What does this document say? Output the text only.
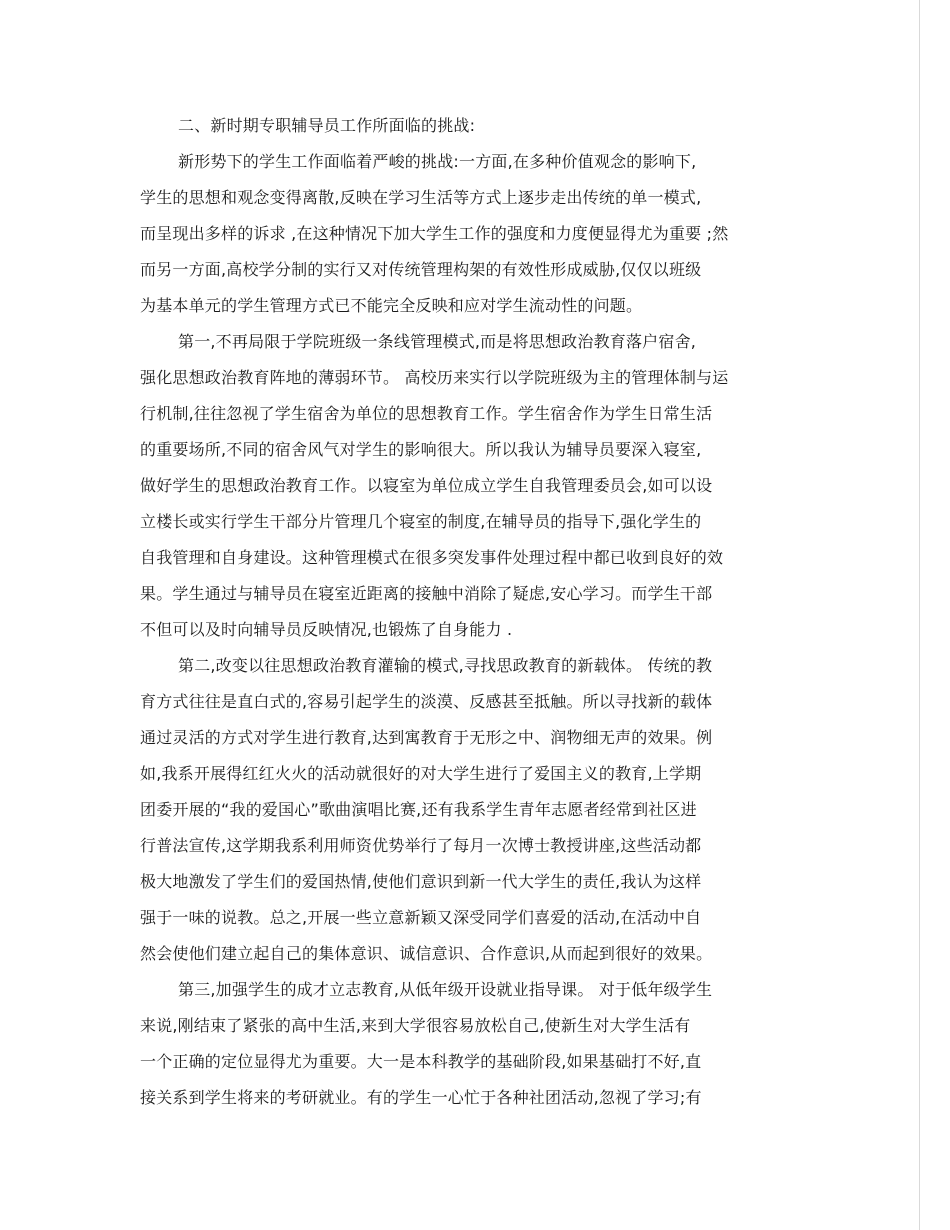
二、新时期专职辅导员工作所面临的挑战:
新形势下的学生工作面临着严峻的挑战:一方面,在多种价值观念的影响下,
学生的思想和观念变得离散,反映在学习生活等方式上逐步走出传统的单一模式,
而呈现出多样的诉求 ,在这种情况下加大学生工作的强度和力度便显得尤为重要 ;然
而另一方面,高校学分制的实行又对传统管理构架的有效性形成威胁,仅仅以班级
为基本单元的学生管理方式已不能完全反映和应对学生流动性的问题。
第一,不再局限于学院班级一条线管理模式,而是将思想政治教育落户宿舍,
强化思想政治教育阵地的薄弱环节。 高校历来实行以学院班级为主的管理体制与运
行机制,往往忽视了学生宿舍为单位的思想教育工作。学生宿舍作为学生日常生活
的重要场所,不同的宿舍风气对学生的影响很大。所以我认为辅导员要深入寝室,
做好学生的思想政治教育工作。以寝室为单位成立学生自我管理委员会,如可以设
立楼长或实行学生干部分片管理几个寝室的制度,在辅导员的指导下,强化学生的
自我管理和自身建设。这种管理模式在很多突发事件处理过程中都已收到良好的效
果。学生通过与辅导员在寝室近距离的接触中消除了疑虑,安心学习。而学生干部
不但可以及时向辅导员反映情况,也锻炼了自身能力 .
第二,改变以往思想政治教育灌输的模式,寻找思政教育的新载体。 传统的教
育方式往往是直白式的,容易引起学生的淡漠、反感甚至抵触。所以寻找新的载体
通过灵活的方式对学生进行教育,达到寓教育于无形之中、润物细无声的效果。例
如,我系开展得红红火火的活动就很好的对大学生进行了爱国主义的教育,上学期
团委开展的“我的爱国心”歌曲演唱比赛,还有我系学生青年志愿者经常到社区进
行普法宣传,这学期我系利用师资优势举行了每月一次博士教授讲座,这些活动都
极大地激发了学生们的爱国热情,使他们意识到新一代大学生的责任,我认为这样
强于一味的说教。总之,开展一些立意新颖又深受同学们喜爱的活动,在活动中自
然会使他们建立起自己的集体意识、诚信意识、合作意识,从而起到很好的效果。
第三,加强学生的成才立志教育,从低年级开设就业指导课。 对于低年级学生
来说,刚结束了紧张的高中生活,来到大学很容易放松自己,使新生对大学生活有
一个正确的定位显得尤为重要。大一是本科教学的基础阶段,如果基础打不好,直
接关系到学生将来的考研就业。有的学生一心忙于各种社团活动,忽视了学习;有
